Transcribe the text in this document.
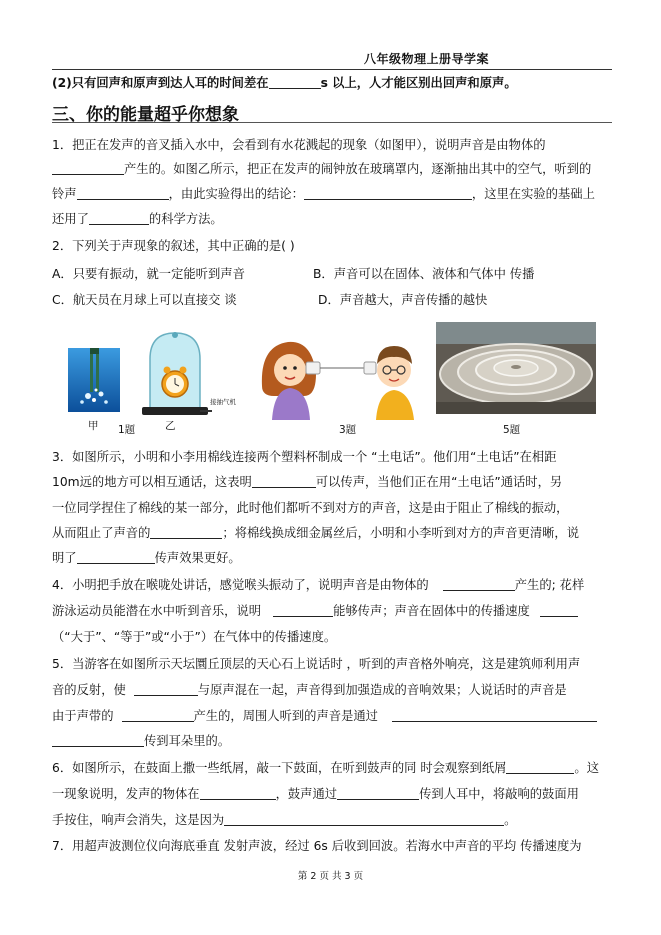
八年级物理上册导学案
(2)只有回声和原声到达人耳的时间差在	s 以上，人才能区别出回声和原声。
三、你的能量超乎你想象
1．把正在发声的音叉插入水中，会看到有水花溅起的现象（如图甲），说明声音是由物体的
产生的。如图乙所示，把正在发声的闹钟放在玻璃罩内，逐渐抽出其中的空气，听到的
铃声	，由此实验得出的结论：	，这里在实验的基础上
还用了	的科学方法。
2．下列关于声现象的叙述，其中正确的是( )
A．只要有振动，就一定能听到声音	B．声音可以在固体、液体和气体中 传播
C．航天员在月球上可以直接交 谈	D．声音越大，声音传播的越快
接抽气机
甲 1题	乙	3题	5题
3．如图所示，小明和小李用棉线连接两个塑料杯制成一个 “土电话”。他们用“土电话”在相距
10m远的地方可以相互通话，这表明	可以传声，当他们正在用“土电话”通话时，另
一位同学捏住了棉线的某一部分，此时他们都听不到对方的声音，这是由于阻止了棉线的振动，
从而阻止了声音的	；将棉线换成细金属丝后，小明和小李听到对方的声音更清晰，说
明了	传声效果更好。
4．小明把手放在喉咙处讲话，感觉喉头振动了，说明声音是由物体的	产生的; 花样
游泳运动员能潜在水中听到音乐，说明	能够传声；声音在固体中的传播速度
（“大于”、“等于”或“小于”）在气体中的传播速度。
5．当游客在如图所示天坛圜丘顶层的天心石上说话时 ，听到的声音格外响亮，这是建筑师利用声
音的反射，使	与原声混在一起，声音得到加强造成的音响效果；人说话时的声音是
由于声带的	产生的，周围人听到的声音是通过
传到耳朵里的。
6．如图所示，在鼓面上撒一些纸屑，敲一下鼓面，在听到鼓声的同 时会观察到纸屑	。这
一现象说明，发声的物体在	，鼓声通过	传到人耳中，将敲响的鼓面用
手按住，响声会消失，这是因为	。
7．用超声波测位仪向海底垂直 发射声波，经过 6s 后收到回波。若海水中声音的平均 传播速度为
第 2 页 共 3 页
